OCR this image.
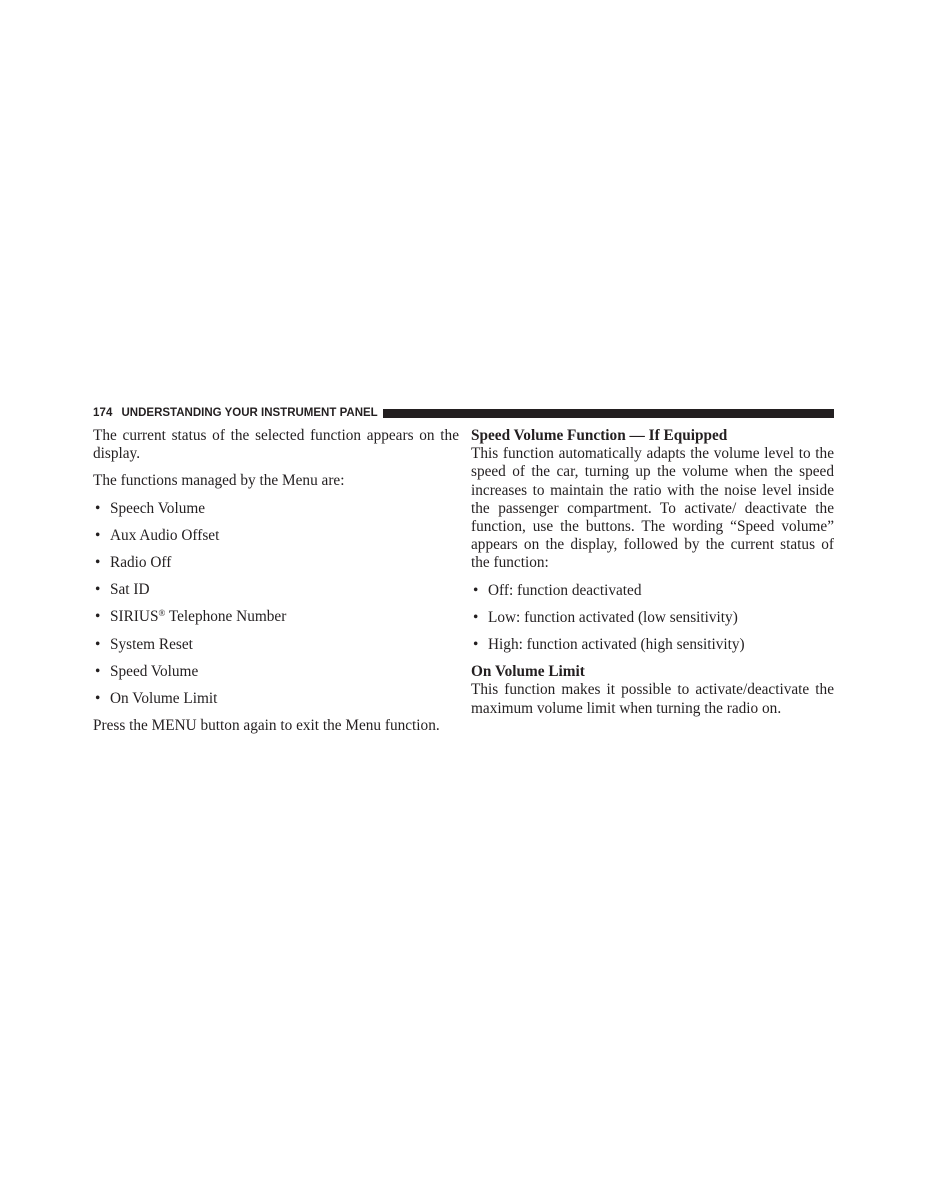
174 UNDERSTANDING YOUR INSTRUMENT PANEL

The current status of the selected function appears on the display.

The functions managed by the Menu are:

• Speech Volume
• Aux Audio Offset
• Radio Off
• Sat ID
• SIRIUS® Telephone Number
• System Reset
• Speed Volume
• On Volume Limit

Press the MENU button again to exit the Menu function.

Speed Volume Function — If Equipped

This function automatically adapts the volume level to the speed of the car, turning up the volume when the speed increases to maintain the ratio with the noise level inside the passenger compartment. To activate/ deactivate the function, use the buttons. The wording “Speed volume” appears on the display, followed by the current status of the function:

• Off: function deactivated
• Low: function activated (low sensitivity)
• High: function activated (high sensitivity)

On Volume Limit

This function makes it possible to activate/deactivate the maximum volume limit when turning the radio on.
